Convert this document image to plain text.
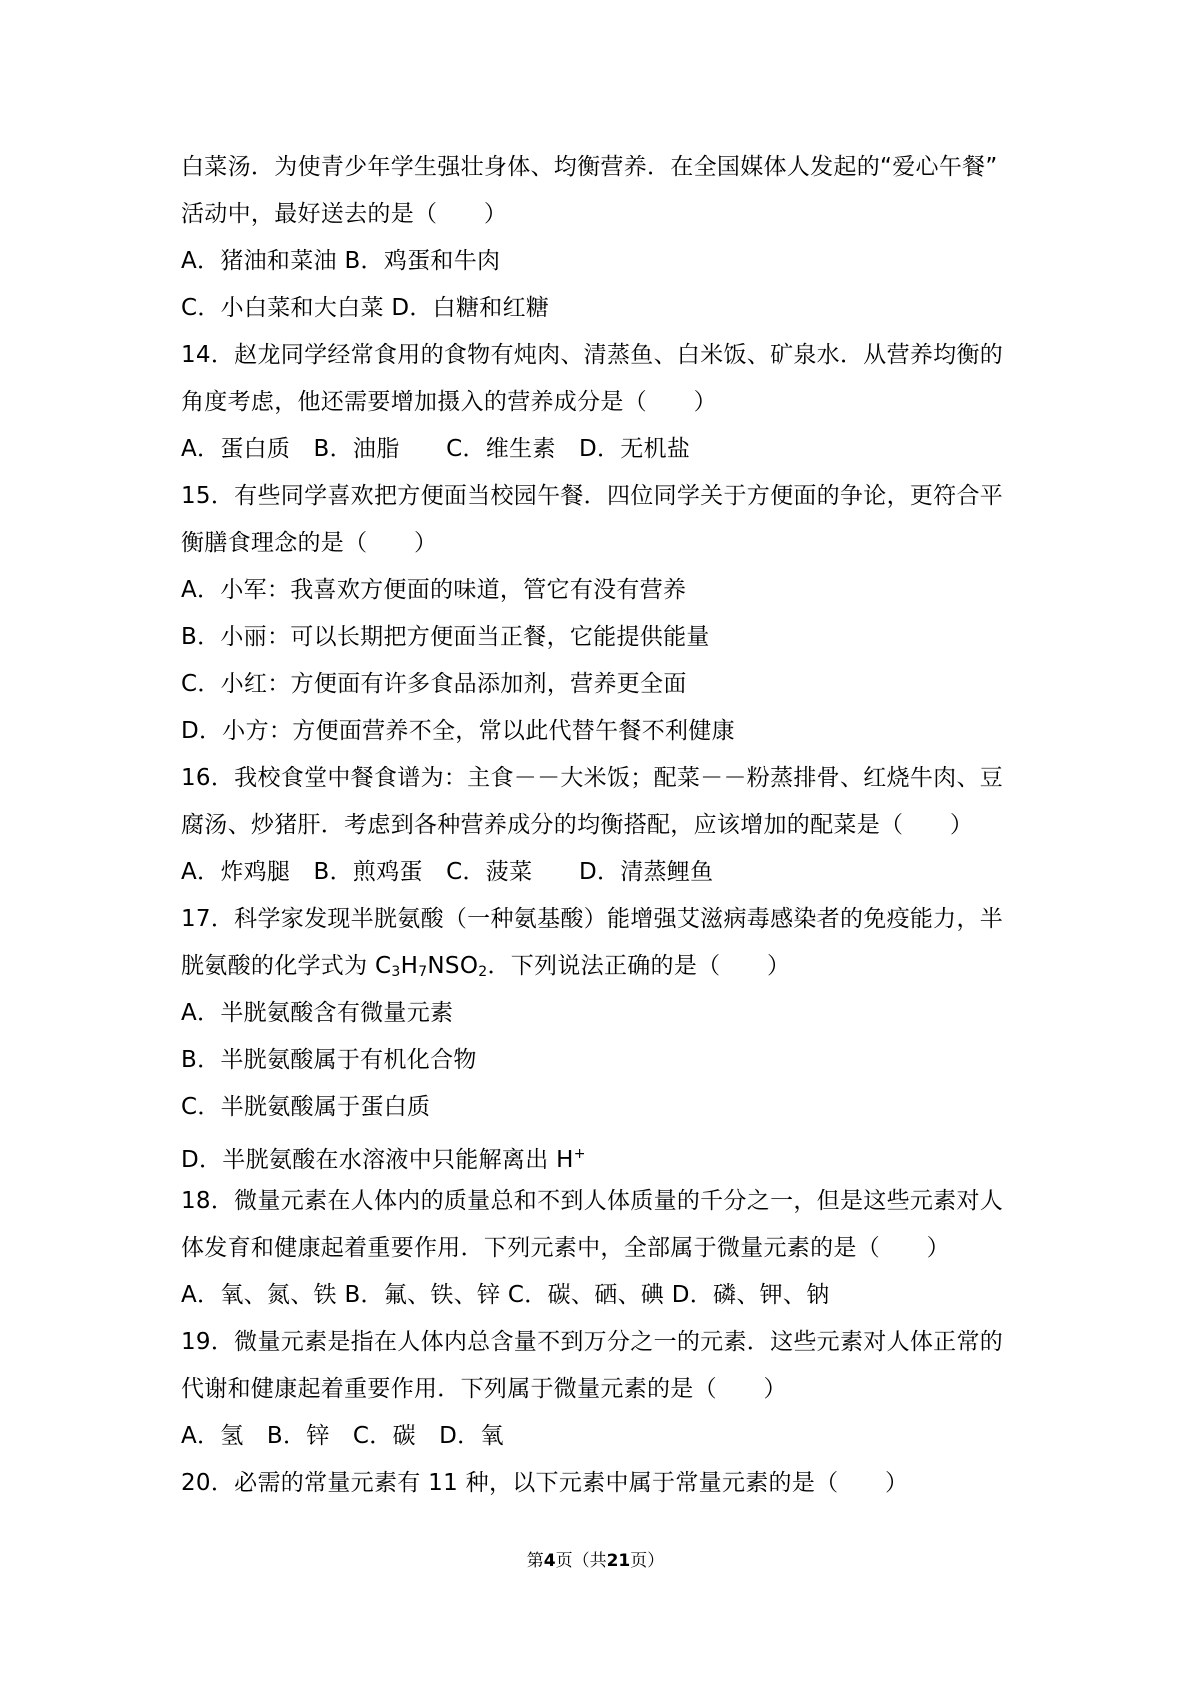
白菜汤．为使青少年学生强壮身体、均衡营养．在全国媒体人发起的“爱心午餐”
活动中，最好送去的是（　　）
A．猪油和菜油 B．鸡蛋和牛肉
C．小白菜和大白菜 D．白糖和红糖
14．赵龙同学经常食用的食物有炖肉、清蒸鱼、白米饭、矿泉水．从营养均衡的
角度考虑，他还需要增加摄入的营养成分是（　　）
A．蛋白质　B．油脂　　C．维生素　D．无机盐
15．有些同学喜欢把方便面当校园午餐．四位同学关于方便面的争论，更符合平
衡膳食理念的是（　　）
A．小军：我喜欢方便面的味道，管它有没有营养
B．小丽：可以长期把方便面当正餐，它能提供能量
C．小红：方便面有许多食品添加剂，营养更全面
D．小方：方便面营养不全，常以此代替午餐不利健康
16．我校食堂中餐食谱为：主食－－大米饭；配菜－－粉蒸排骨、红烧牛肉、豆
腐汤、炒猪肝．考虑到各种营养成分的均衡搭配，应该增加的配菜是（　　）
A．炸鸡腿　B．煎鸡蛋　C．菠菜　　D．清蒸鲤鱼
17．科学家发现半胱氨酸（一种氨基酸）能增强艾滋病毒感染者的免疫能力，半
胱氨酸的化学式为 $C_3H_7NSO_2$．下列说法正确的是（　　）
A．半胱氨酸含有微量元素
B．半胱氨酸属于有机化合物
C．半胱氨酸属于蛋白质
D．半胱氨酸在水溶液中只能解离出 H+
18．微量元素在人体内的质量总和不到人体质量的千分之一，但是这些元素对人
体发育和健康起着重要作用．下列元素中，全部属于微量元素的是（　　）
A．氧、氮、铁 B．氟、铁、锌 C．碳、硒、碘 D．磷、钾、钠
19．微量元素是指在人体内总含量不到万分之一的元素．这些元素对人体正常的
代谢和健康起着重要作用．下列属于微量元素的是（　　）
A．氢　B．锌　C．碳　D．氧
20．必需的常量元素有 11 种，以下元素中属于常量元素的是（　　）
第4页（共21页）
